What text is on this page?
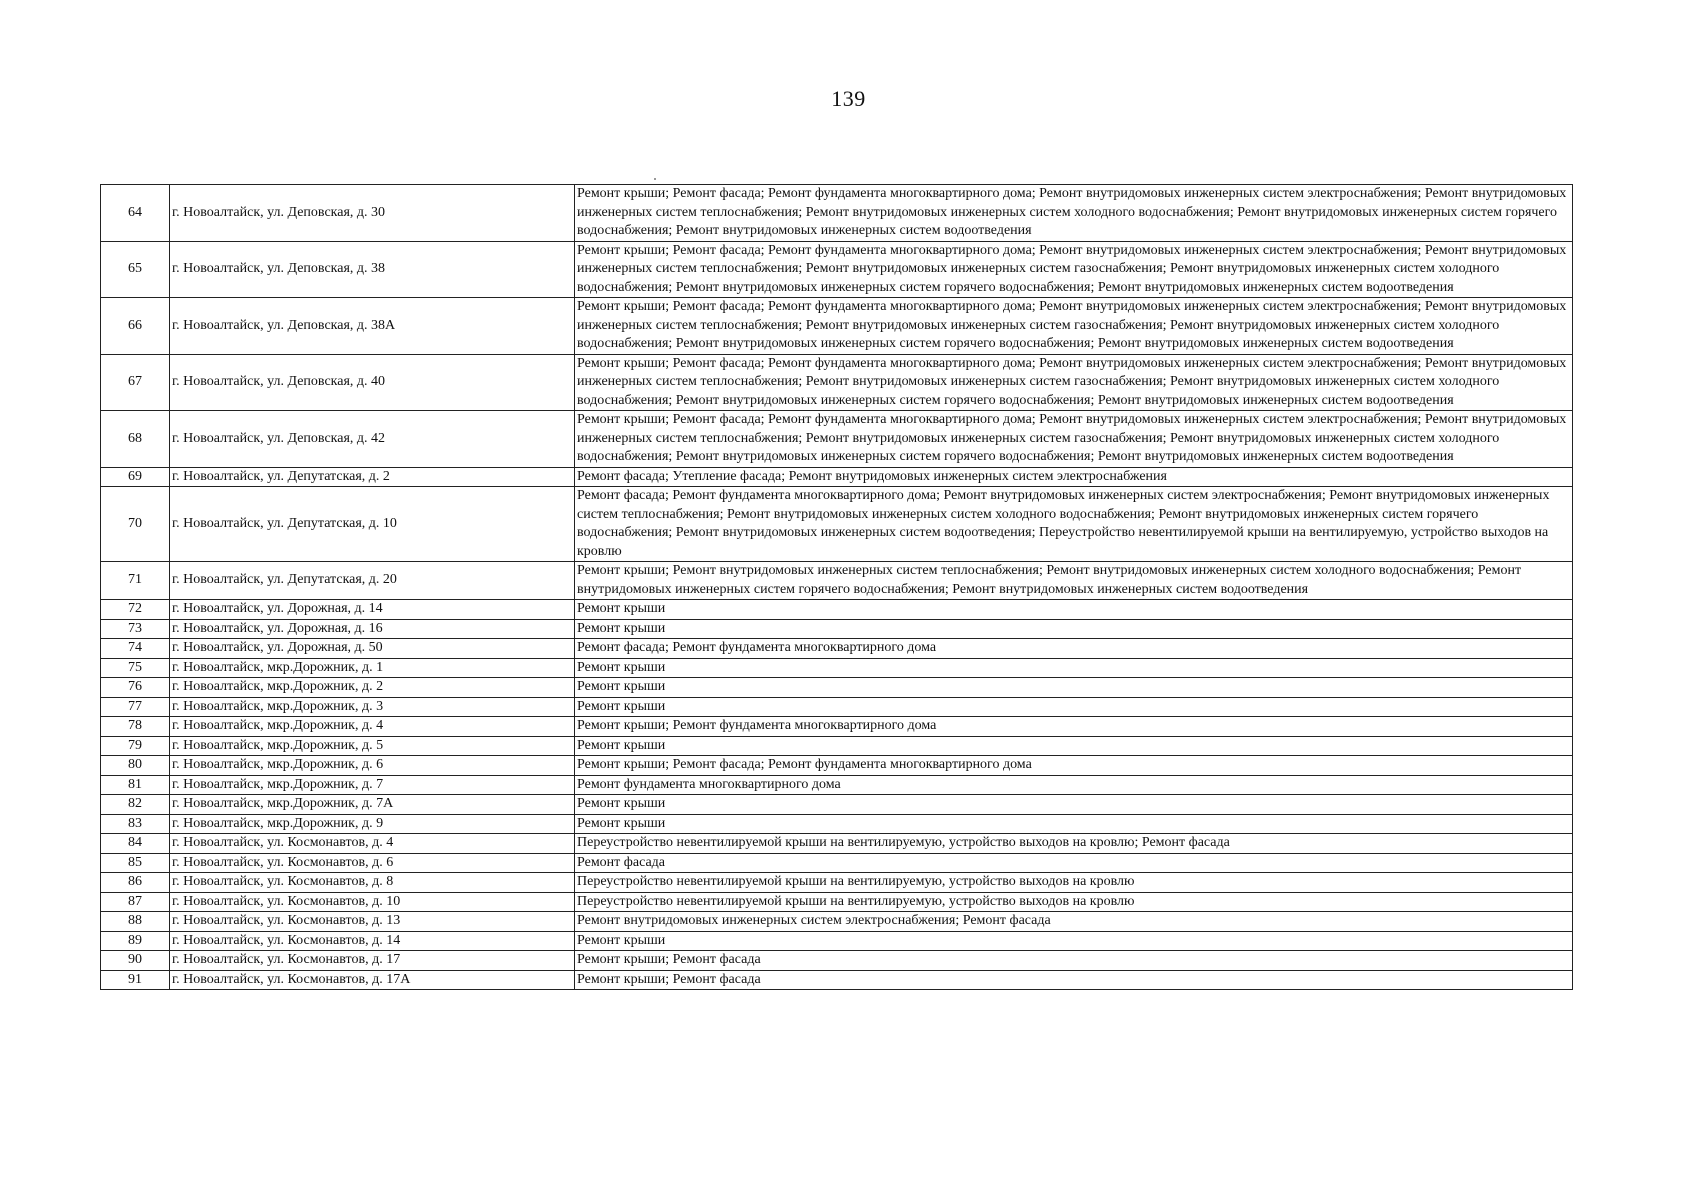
139
64	г. Новоалтайск, ул. Деповская, д. 30	Ремонт крыши; Ремонт фасада; Ремонт фундамента многоквартирного дома; Ремонт внутридомовых инженерных систем электроснабжения; Ремонт внутридомовых инженерных систем теплоснабжения; Ремонт внутридомовых инженерных систем холодного водоснабжения; Ремонт внутридомовых инженерных систем горячего водоснабжения; Ремонт внутридомовых инженерных систем водоотведения
65	г. Новоалтайск, ул. Деповская, д. 38	Ремонт крыши; Ремонт фасада; Ремонт фундамента многоквартирного дома; Ремонт внутридомовых инженерных систем электроснабжения; Ремонт внутридомовых инженерных систем теплоснабжения; Ремонт внутридомовых инженерных систем газоснабжения; Ремонт внутридомовых инженерных систем холодного водоснабжения; Ремонт внутридомовых инженерных систем горячего водоснабжения; Ремонт внутридомовых инженерных систем водоотведения
66	г. Новоалтайск, ул. Деповская, д. 38А	Ремонт крыши; Ремонт фасада; Ремонт фундамента многоквартирного дома; Ремонт внутридомовых инженерных систем электроснабжения; Ремонт внутридомовых инженерных систем теплоснабжения; Ремонт внутридомовых инженерных систем газоснабжения; Ремонт внутридомовых инженерных систем холодного водоснабжения; Ремонт внутридомовых инженерных систем горячего водоснабжения; Ремонт внутридомовых инженерных систем водоотведения
67	г. Новоалтайск, ул. Деповская, д. 40	Ремонт крыши; Ремонт фасада; Ремонт фундамента многоквартирного дома; Ремонт внутридомовых инженерных систем электроснабжения; Ремонт внутридомовых инженерных систем теплоснабжения; Ремонт внутридомовых инженерных систем газоснабжения; Ремонт внутридомовых инженерных систем холодного водоснабжения; Ремонт внутридомовых инженерных систем горячего водоснабжения; Ремонт внутридомовых инженерных систем водоотведения
68	г. Новоалтайск, ул. Деповская, д. 42	Ремонт крыши; Ремонт фасада; Ремонт фундамента многоквартирного дома; Ремонт внутридомовых инженерных систем электроснабжения; Ремонт внутридомовых инженерных систем теплоснабжения; Ремонт внутридомовых инженерных систем газоснабжения; Ремонт внутридомовых инженерных систем холодного водоснабжения; Ремонт внутридомовых инженерных систем горячего водоснабжения; Ремонт внутридомовых инженерных систем водоотведения
69	г. Новоалтайск, ул. Депутатская, д. 2	Ремонт фасада; Утепление фасада; Ремонт внутридомовых инженерных систем электроснабжения
70	г. Новоалтайск, ул. Депутатская, д. 10	Ремонт фасада; Ремонт фундамента многоквартирного дома; Ремонт внутридомовых инженерных систем электроснабжения; Ремонт внутридомовых инженерных систем теплоснабжения; Ремонт внутридомовых инженерных систем холодного водоснабжения; Ремонт внутридомовых инженерных систем горячего водоснабжения; Ремонт внутридомовых инженерных систем водоотведения; Переустройство невентилируемой крыши на вентилируемую, устройство выходов на кровлю
71	г. Новоалтайск, ул. Депутатская, д. 20	Ремонт крыши; Ремонт внутридомовых инженерных систем теплоснабжения; Ремонт внутридомовых инженерных систем холодного водоснабжения; Ремонт внутридомовых инженерных систем горячего водоснабжения; Ремонт внутридомовых инженерных систем водоотведения
72	г. Новоалтайск, ул. Дорожная, д. 14	Ремонт крыши
73	г. Новоалтайск, ул. Дорожная, д. 16	Ремонт крыши
74	г. Новоалтайск, ул. Дорожная, д. 50	Ремонт фасада; Ремонт фундамента многоквартирного дома
75	г. Новоалтайск, мкр.Дорожник, д. 1	Ремонт крыши
76	г. Новоалтайск, мкр.Дорожник, д. 2	Ремонт крыши
77	г. Новоалтайск, мкр.Дорожник, д. 3	Ремонт крыши
78	г. Новоалтайск, мкр.Дорожник, д. 4	Ремонт крыши; Ремонт фундамента многоквартирного дома
79	г. Новоалтайск, мкр.Дорожник, д. 5	Ремонт крыши
80	г. Новоалтайск, мкр.Дорожник, д. 6	Ремонт крыши; Ремонт фасада; Ремонт фундамента многоквартирного дома
81	г. Новоалтайск, мкр.Дорожник, д. 7	Ремонт фундамента многоквартирного дома
82	г. Новоалтайск, мкр.Дорожник, д. 7А	Ремонт крыши
83	г. Новоалтайск, мкр.Дорожник, д. 9	Ремонт крыши
84	г. Новоалтайск, ул. Космонавтов, д. 4	Переустройство невентилируемой крыши на вентилируемую, устройство выходов на кровлю; Ремонт фасада
85	г. Новоалтайск, ул. Космонавтов, д. 6	Ремонт фасада
86	г. Новоалтайск, ул. Космонавтов, д. 8	Переустройство невентилируемой крыши на вентилируемую, устройство выходов на кровлю
87	г. Новоалтайск, ул. Космонавтов, д. 10	Переустройство невентилируемой крыши на вентилируемую, устройство выходов на кровлю
88	г. Новоалтайск, ул. Космонавтов, д. 13	Ремонт внутридомовых инженерных систем электроснабжения; Ремонт фасада
89	г. Новоалтайск, ул. Космонавтов, д. 14	Ремонт крыши
90	г. Новоалтайск, ул. Космонавтов, д. 17	Ремонт крыши; Ремонт фасада
91	г. Новоалтайск, ул. Космонавтов, д. 17А	Ремонт крыши; Ремонт фасада
